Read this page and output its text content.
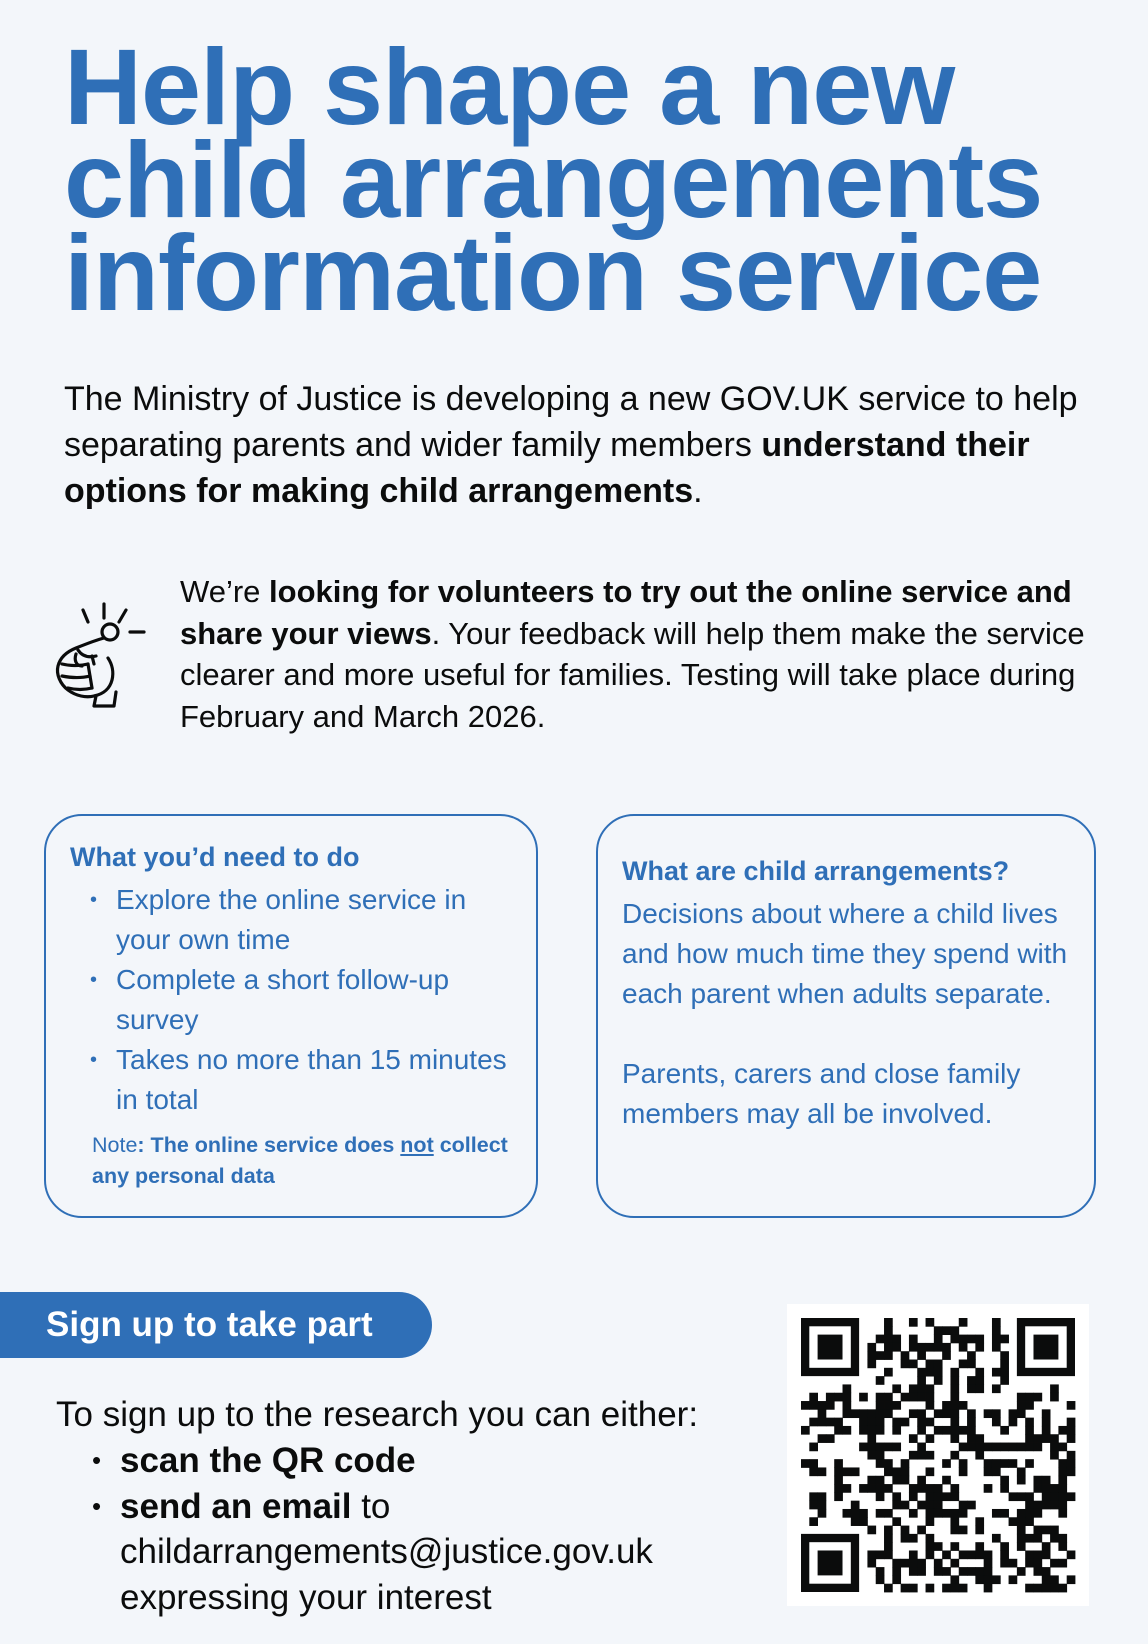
Help shape a new
child arrangements
information service

The Ministry of Justice is developing a new GOV.UK service to help separating parents and wider family members understand their options for making child arrangements.

We’re looking for volunteers to try out the online service and share your views. Your feedback will help them make the service clearer and more useful for families. Testing will take place during February and March 2026.

What you’d need to do
• Explore the online service in your own time
• Complete a short follow-up survey
• Takes no more than 15 minutes in total

Note: The online service does not collect any personal data

What are child arrangements?

Decisions about where a child lives and how much time they spend with each parent when adults separate.

Parents, carers and close family members may all be involved.

Sign up to take part

To sign up to the research you can either:

• scan the QR code
• send an email to
childarrangements@justice.gov.uk
expressing your interest
